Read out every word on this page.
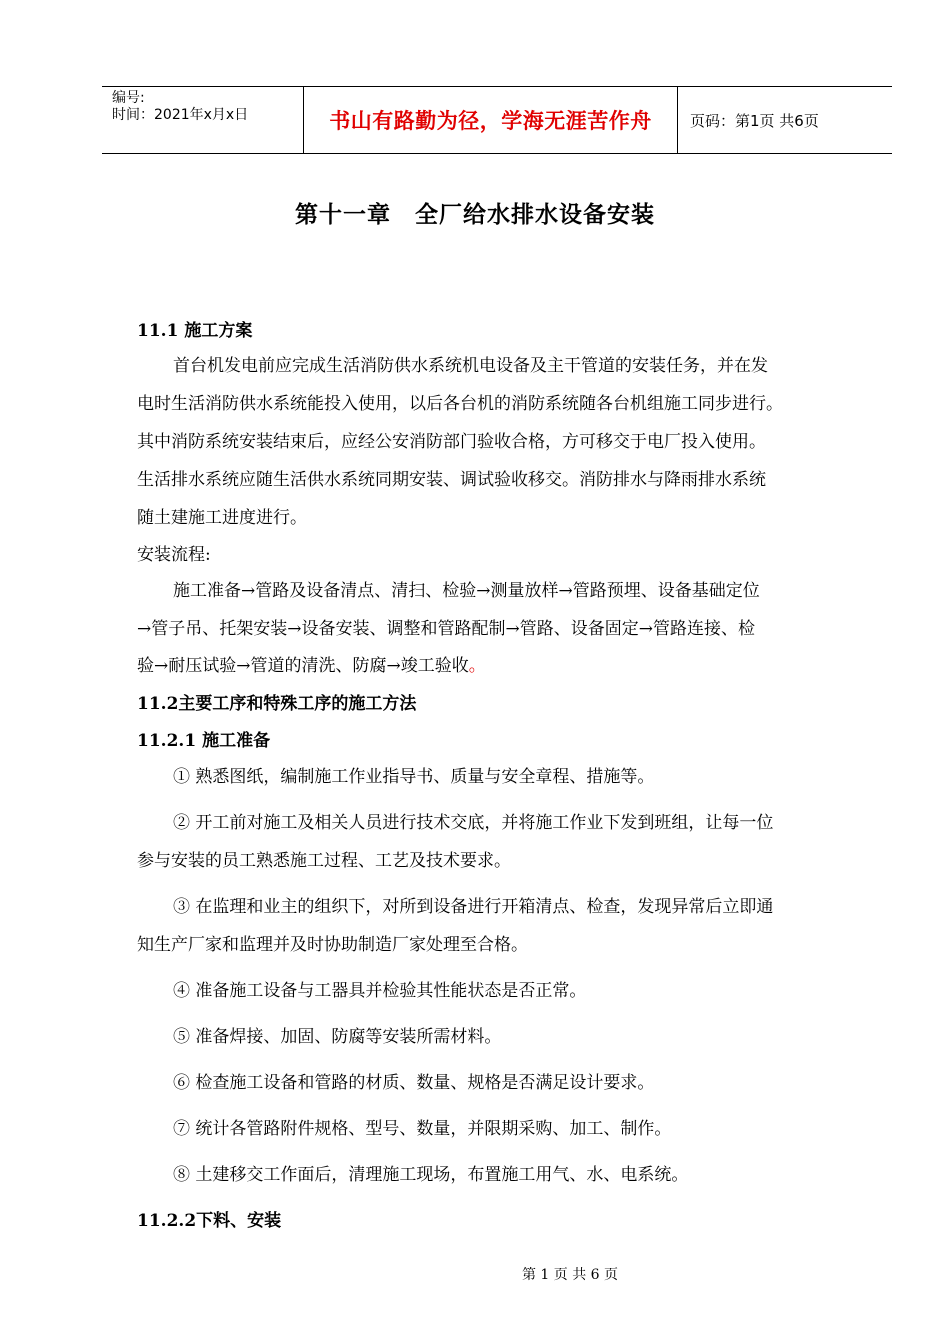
编号:
时间：2021年x月x日	书山有路勤为径，学海无涯苦作舟	页码：第1页 共6页
第十一章　全厂给水排水设备安装
11.1 施工方案
首台机发电前应完成生活消防供水系统机电设备及主干管道的安装任务，并在发
电时生活消防供水系统能投入使用，以后各台机的消防系统随各台机组施工同步进行。
其中消防系统安装结束后，应经公安消防部门验收合格，方可移交于电厂投入使用。
生活排水系统应随生活供水系统同期安装、调试验收移交。消防排水与降雨排水系统
随土建施工进度进行。
安装流程:
施工准备→管路及设备清点、清扫、检验→测量放样→管路预埋、设备基础定位
→管子吊、托架安装→设备安装、调整和管路配制→管路、设备固定→管路连接、检
验→耐压试验→管道的清洗、防腐→竣工验收。
11.2主要工序和特殊工序的施工方法
11.2.1 施工准备
① 熟悉图纸，编制施工作业指导书、质量与安全章程、措施等。
② 开工前对施工及相关人员进行技术交底，并将施工作业下发到班组，让每一位
参与安装的员工熟悉施工过程、工艺及技术要求。
③ 在监理和业主的组织下，对所到设备进行开箱清点、检查，发现异常后立即通
知生产厂家和监理并及时协助制造厂家处理至合格。
④ 准备施工设备与工器具并检验其性能状态是否正常。
⑤ 准备焊接、加固、防腐等安装所需材料。
⑥ 检查施工设备和管路的材质、数量、规格是否满足设计要求。
⑦ 统计各管路附件规格、型号、数量，并限期采购、加工、制作。
⑧ 土建移交工作面后，清理施工现场，布置施工用气、水、电系统。
11.2.2下料、安装
第 1 页 共 6 页
